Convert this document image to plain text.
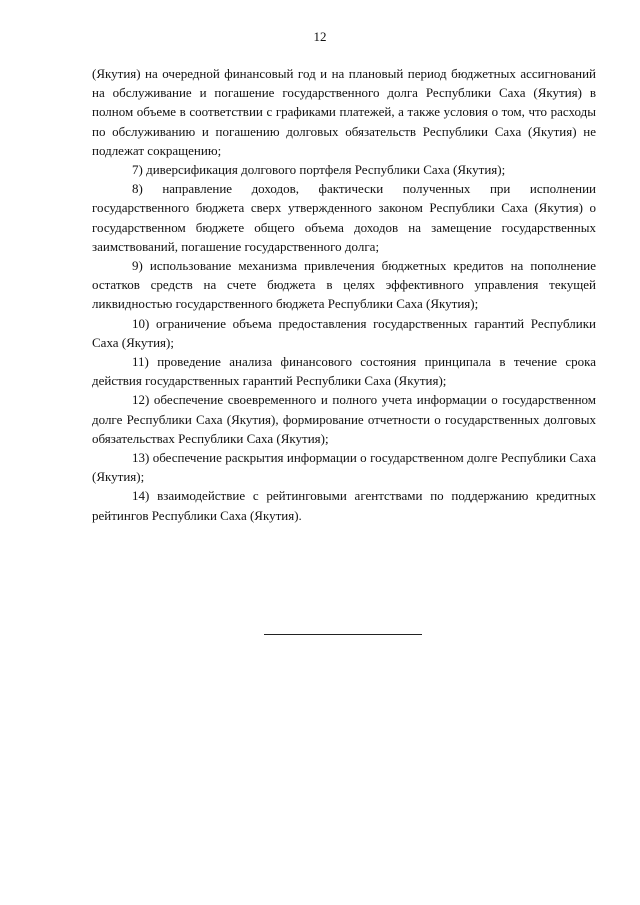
12

(Якутия) на очередной финансовый год и на плановый период бюджетных ассигнований на обслуживание и погашение государственного долга Республики Саха (Якутия) в полном объеме в соответствии с графиками платежей, а также условия о том, что расходы по обслуживанию и погашению долговых обязательств Республики Саха (Якутия) не подлежат сокращению;

7) диверсификация долгового портфеля Республики Саха (Якутия);

8) направление доходов, фактически полученных при исполнении государственного бюджета сверх утвержденного законом Республики Саха (Якутия) о государственном бюджете общего объема доходов на замещение государственных заимствований, погашение государственного долга;

9) использование механизма привлечения бюджетных кредитов на пополнение остатков средств на счете бюджета в целях эффективного управления текущей ликвидностью государственного бюджета Республики Саха (Якутия);

10) ограничение объема предоставления государственных гарантий Республики Саха (Якутия);

11) проведение анализа финансового состояния принципала в течение срока действия государственных гарантий Республики Саха (Якутия);

12) обеспечение своевременного и полного учета информации о государственном долге Республики Саха (Якутия), формирование отчетности о государственных долговых обязательствах Республики Саха (Якутия);

13) обеспечение раскрытия информации о государственном долге Республики Саха (Якутия);

14) взаимодействие с рейтинговыми агентствами по поддержанию кредитных рейтингов Республики Саха (Якутия).
